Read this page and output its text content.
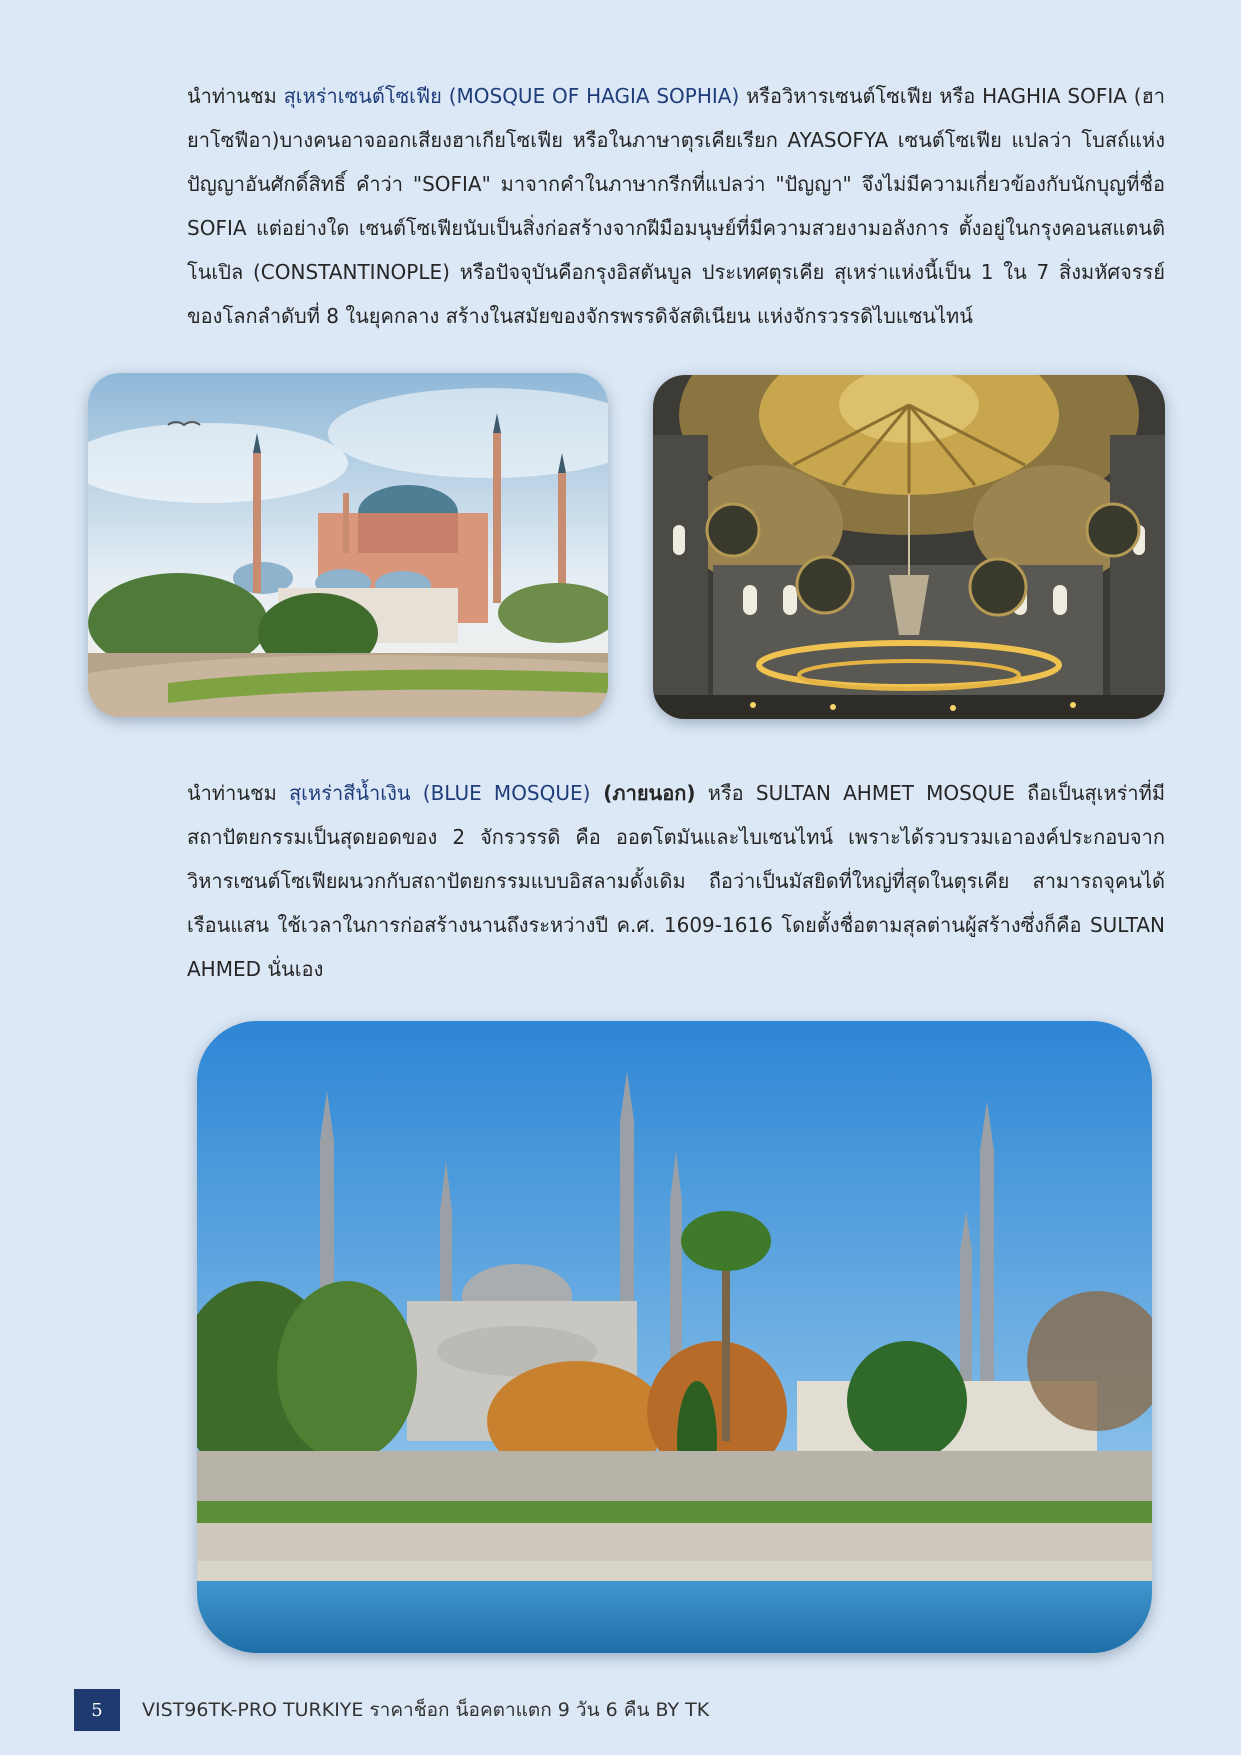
นำท่านชม สุเหร่าเซนต์โซเฟีย (MOSQUE OF HAGIA SOPHIA) หรือวิหารเซนต์โซเฟีย หรือ HAGHIA SOFIA (ฮายาโซฟีอา)บางคนอาจออกเสียงฮาเกียโซเฟีย หรือในภาษาตุรเคียเรียก AYASOFYA เซนต์โซเฟีย แปลว่า โบสถ์แห่งปัญญาอันศักดิ์สิทธิ์ คำว่า "SOFIA" มาจากคำในภาษากรีกที่แปลว่า "ปัญญา" จึงไม่มีความเกี่ยวข้องกับนักบุญที่ชื่อ SOFIA แต่อย่างใด เซนต์โซเฟียนับเป็นสิ่งก่อสร้างจากฝีมือมนุษย์ที่มีความสวยงามอลังการ ตั้งอยู่ในกรุงคอนสแตนติโนเปิล (CONSTANTINOPLE) หรือปัจจุบันคือกรุงอิสตันบูล ประเทศตุรเคีย สุเหร่าแห่งนี้เป็น 1 ใน 7 สิ่งมหัศจรรย์ของโลกลำดับที่ 8 ในยุคกลาง สร้างในสมัยของจักรพรรดิจัสติเนียน แห่งจักรวรรดิไบแซนไทน์
นำท่านชม สุเหร่าสีน้ำเงิน (BLUE MOSQUE) (ภายนอก) หรือ SULTAN AHMET MOSQUE ถือเป็นสุเหร่าที่มีสถาปัตยกรรมเป็นสุดยอดของ 2 จักรวรรดิ คือ ออตโตมันและไบเซนไทน์ เพราะได้รวบรวมเอาองค์ประกอบจากวิหารเซนต์โซเฟียผนวกกับสถาปัตยกรรมแบบอิสลามดั้งเดิม ถือว่าเป็นมัสยิดที่ใหญ่ที่สุดในตุรเคีย สามารถจุคนได้เรือนแสน ใช้เวลาในการก่อสร้างนานถึงระหว่างปี ค.ศ. 1609-1616 โดยตั้งชื่อตามสุลต่านผู้สร้างซึ่งก็คือ SULTAN AHMED นั่นเอง
5	VIST96TK-PRO TURKIYE ราคาช็อก น็อคตาแตก 9 วัน 6 คืน BY TK
